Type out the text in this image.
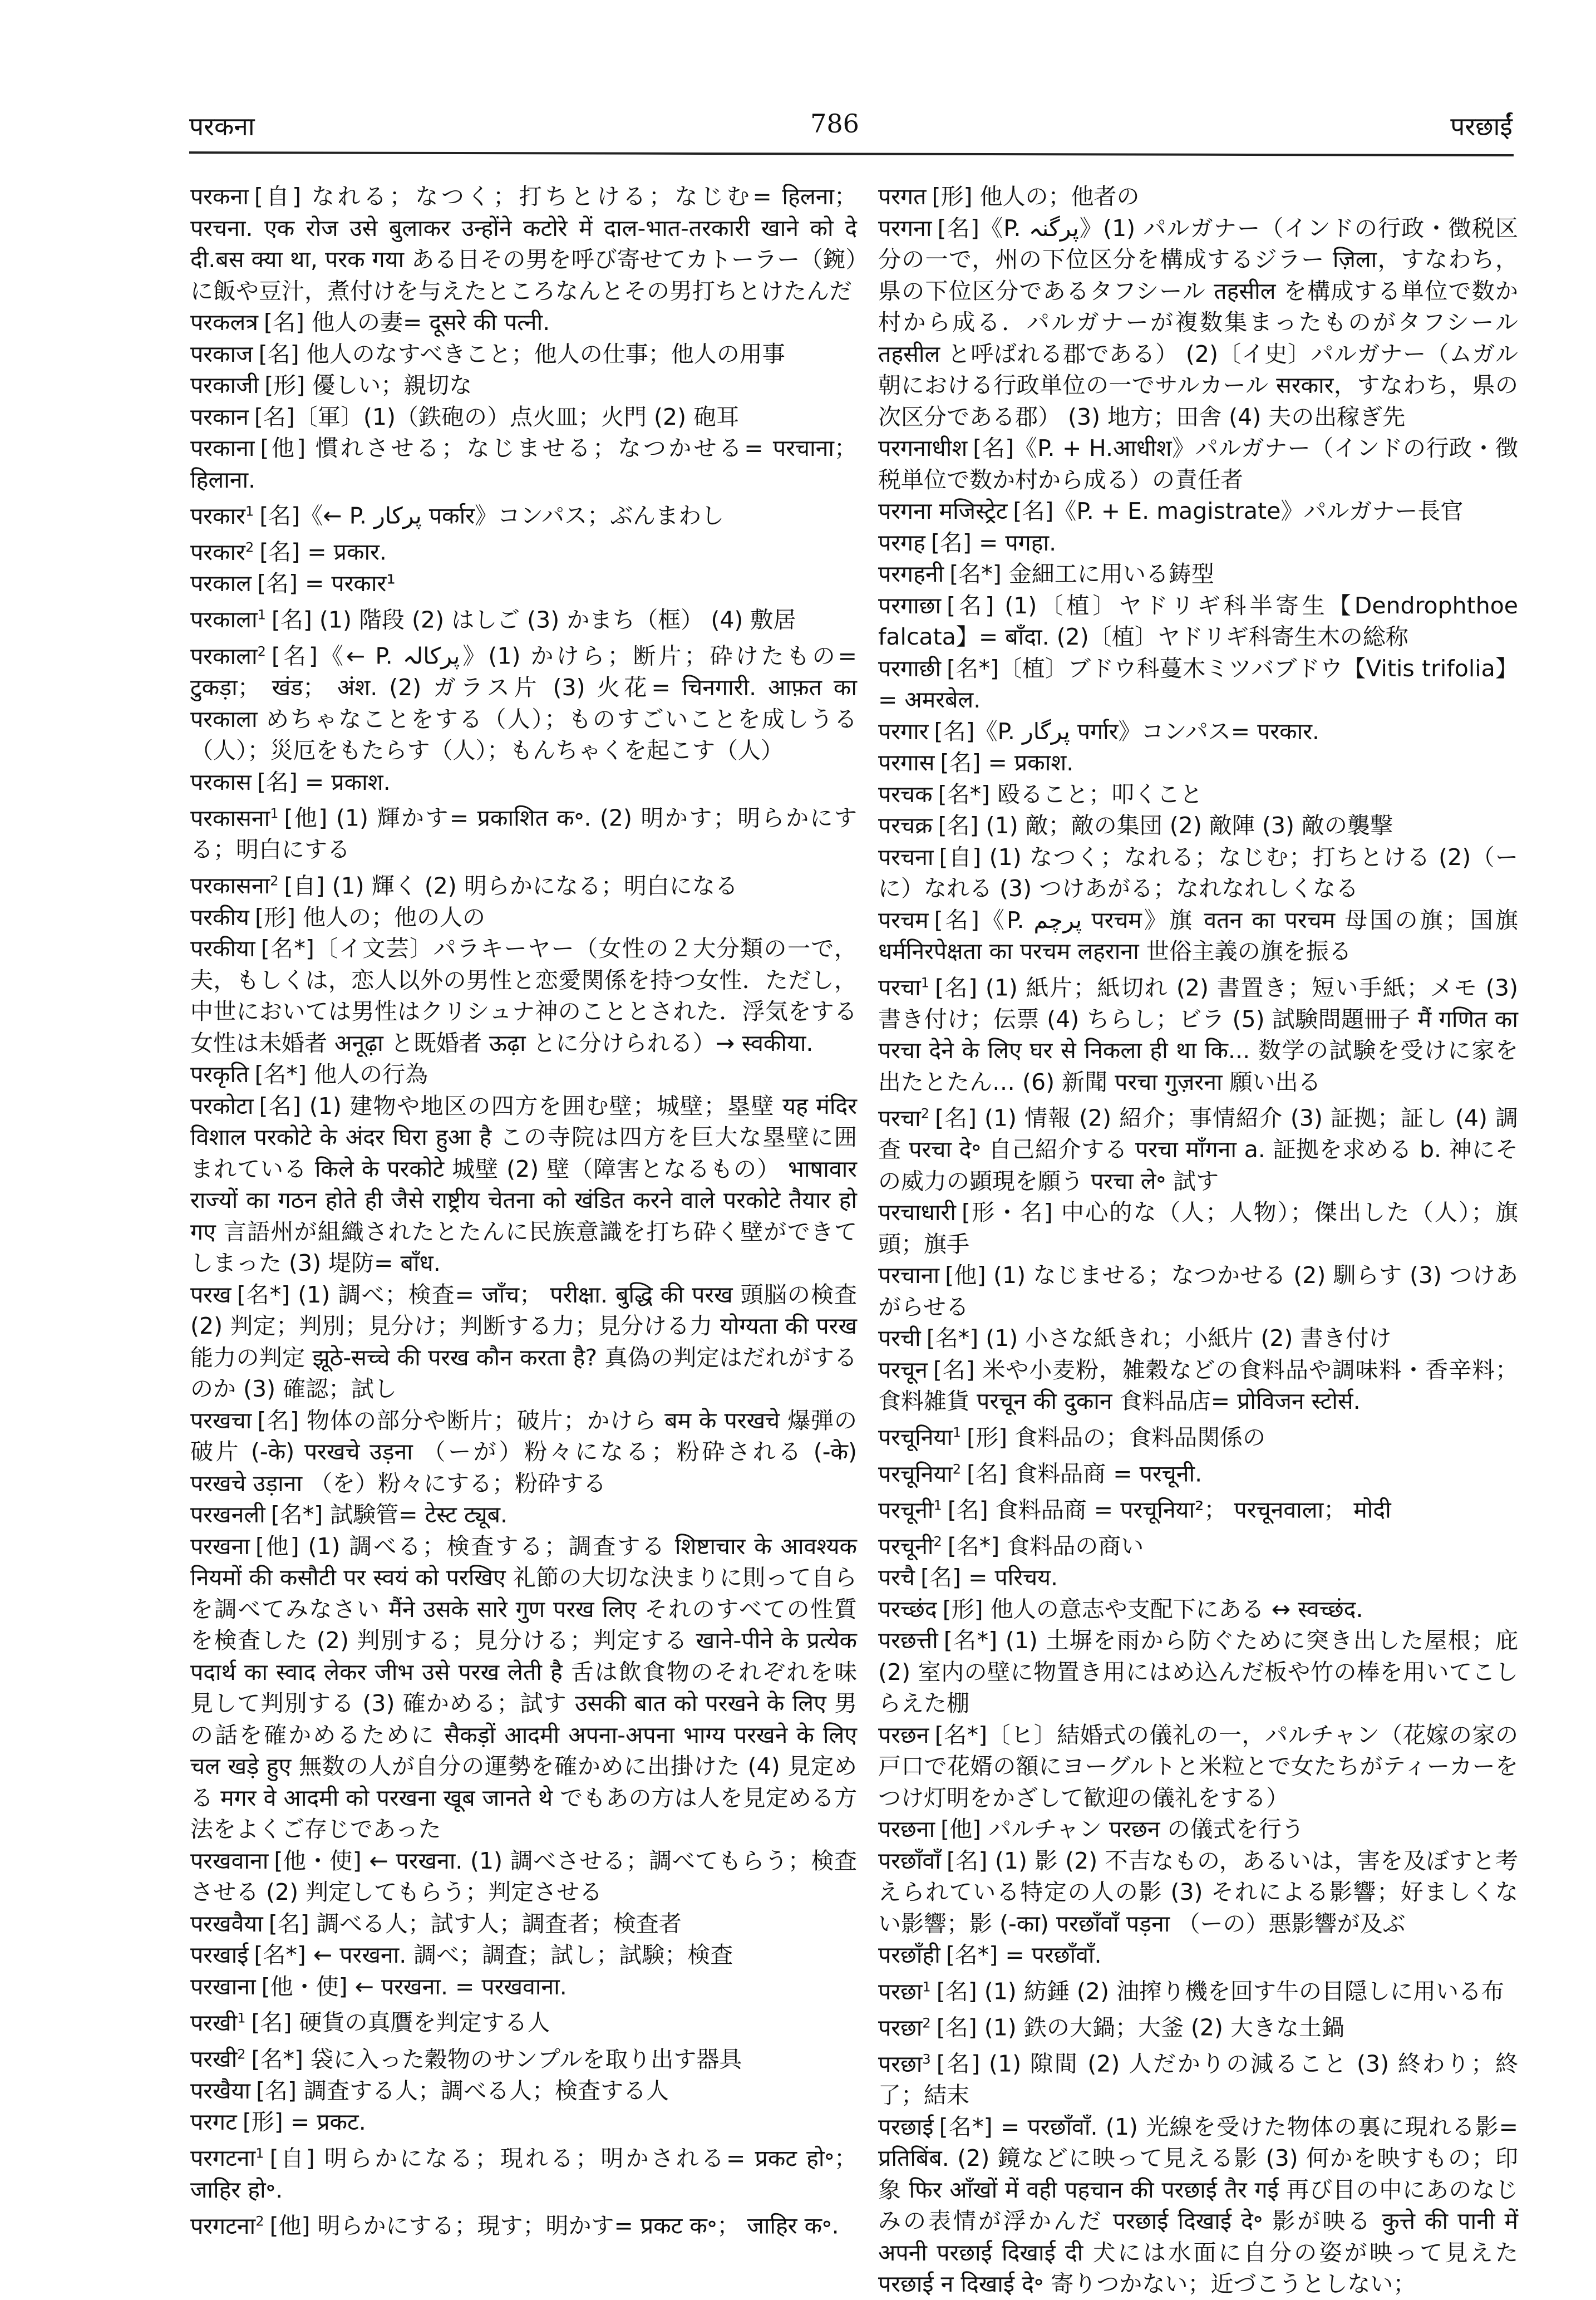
परकना	786	परछाईं

परकना [自] なれる；なつく；打ちとける；なじむ= हिलना； परचना. एक रोज उसे बुलाकर उन्होंने कटोरे में दाल-भात-तरकारी खाने को दे दी.बस क्या था, परक गया ある日その男を呼び寄せてカトーラー（鋺）に飯や豆汁，煮付けを与えたところなんとその男打ちとけたんだ

परकलत्र [名] 他人の妻= दूसरे की पत्नी.

परकाज [名] 他人のなすべきこと；他人の仕事；他人の用事

परकाजी [形] 優しい；親切な

परकान [名]〔軍〕(1)（鉄砲の）点火皿；火門 (2) 砲耳

परकाना [他] 慣れさせる；なじませる；なつかせる= परचाना； हिलाना.

परकार$^1$ [名]《← P. پرکار पर्कार》コンパス；ぶんまわし

परकार$^2$ [名] = प्रकार.

परकाल [名] = परकार¹

परकाला$^1$ [名] (1) 階段 (2) はしご (3) かまち（框） (4) 敷居

परकाला$^2$ [名]《← P. پرکالہ》(1) かけら；断片；砕けたもの= टुकड़ा； खंड； अंश. (2) ガラス片 (3) 火花= चिनगारी. आफ़त का परकाला めちゃなことをする（人）；ものすごいことを成しうる（人）；災厄をもたらす（人）；もんちゃくを起こす（人）

परकास [名] = प्रकाश.

परकासना$^1$ [他] (1) 輝かす= प्रकाशित क॰. (2) 明かす；明らかにする；明白にする

परकासना$^2$ [自] (1) 輝く (2) 明らかになる；明白になる

परकीय [形] 他人の；他の人の

परकीया [名*]〔イ文芸〕パラキーヤー（女性の２大分類の一で，夫，もしくは，恋人以外の男性と恋愛関係を持つ女性．ただし，中世においては男性はクリシュナ神のこととされた．浮気をする女性は未婚者 अनूढ़ा と既婚者 ऊढ़ा とに分けられる）→ स्वकीया.

परकृति [名*] 他人の行為

परकोटा [名] (1) 建物や地区の四方を囲む壁；城壁；塁壁 यह मंदिर विशाल परकोटे के अंदर घिरा हुआ है この寺院は四方を巨大な塁壁に囲まれている किले के परकोटे 城壁 (2) 壁（障害となるもの） भाषावार राज्यों का गठन होते ही जैसे राष्ट्रीय चेतना को खंडित करने वाले परकोटे तैयार हो गए 言語州が組織されたとたんに民族意識を打ち砕く壁ができてしまった (3) 堤防= बाँध.

परख [名*] (1) 調べ；検査= जाँच； परीक्षा. बुद्धि की परख 頭脳の検査 (2) 判定；判別；見分け；判断する力；見分ける力 योग्यता की परख 能力の判定 झूठे-सच्चे की परख कौन करता है? 真偽の判定はだれがするのか (3) 確認；試し

परखचा [名] 物体の部分や断片；破片；かけら बम के परखचे 爆弾の破片 (-के) परखचे उड़ना （ーが）粉々になる；粉砕される (-के) परखचे उड़ाना （を）粉々にする；粉砕する

परखनली [名*] 試験管= टेस्ट ट्यूब.

परखना [他] (1) 調べる；検査する；調査する शिष्टाचार के आवश्यक नियमों की कसौटी पर स्वयं को परखिए 礼節の大切な決まりに則って自らを調べてみなさい मैंने उसके सारे गुण परख लिए それのすべての性質を検査した (2) 判別する；見分ける；判定する खाने-पीने के प्रत्येक पदार्थ का स्वाद लेकर जीभ उसे परख लेती है 舌は飲食物のそれぞれを味見して判別する (3) 確かめる；試す उसकी बात को परखने के लिए 男の話を確かめるために सैकड़ों आदमी अपना-अपना भाग्य परखने के लिए चल खड़े हुए 無数の人が自分の運勢を確かめに出掛けた (4) 見定める मगर वे आदमी को परखना खूब जानते थे でもあの方は人を見定める方法をよくご存じであった

परखवाना [他・使] ← परखना. (1) 調べさせる；調べてもらう；検査させる (2) 判定してもらう；判定させる

परखवैया [名] 調べる人；試す人；調査者；検査者

परखाई [名*] ← परखना. 調べ；調査；試し；試験；検査

परखाना [他・使] ← परखना. = परखवाना.

परखी$^1$ [名] 硬貨の真贋を判定する人

परखी$^2$ [名*] 袋に入った穀物のサンプルを取り出す器具

परखैया [名] 調査する人；調べる人；検査する人

परगट [形] = प्रकट.

परगटना$^1$ [自] 明らかになる；現れる；明かされる= प्रकट हो॰； जाहिर हो॰.

परगटना$^2$ [他] 明らかにする；現す；明かす= प्रकट क॰； जाहिर क॰.

परगत [形] 他人の；他者の

परगना [名]《P. پرگنہ》(1) パルガナー（インドの行政・徴税区分の一で，州の下位区分を構成するジラー ज़िला，すなわち，県の下位区分であるタフシール तहसील を構成する単位で数か村から成る．パルガナーが複数集まったものがタフシール तहसील と呼ばれる郡である） (2)〔イ史〕パルガナー（ムガル朝における行政単位の一でサルカール सरकार，すなわち，県の次区分である郡） (3) 地方；田舎 (4) 夫の出稼ぎ先

परगनाधीश [名]《P. + H.आधीश》パルガナー（インドの行政・徴税単位で数か村から成る）の責任者

परगना मजिस्ट्रेट [名]《P. + E. magistrate》パルガナー長官

परगह [名] = पगहा.

परगहनी [名*] 金細工に用いる鋳型

परगाछा [名] (1)〔植〕ヤドリギ科半寄生【Dendrophthoe falcata】= बाँदा. (2)〔植〕ヤドリギ科寄生木の総称

परगाछी [名*]〔植〕ブドウ科蔓木ミツバブドウ【Vitis trifolia】= अमरबेल.

परगार [名]《P. پرگار पर्गार》コンパス= परकार.

परगास [名] = प्रकाश.

परचक [名*] 殴ること；叩くこと

परचक्र [名] (1) 敵；敵の集団 (2) 敵陣 (3) 敵の襲撃

परचना [自] (1) なつく；なれる；なじむ；打ちとける (2)（ーに）なれる (3) つけあがる；なれなれしくなる

परचम [名]《P. پرچم परचम》旗 वतन का परचम 母国の旗；国旗 धर्मनिरपेक्षता का परचम लहराना 世俗主義の旗を振る

परचा$^1$ [名] (1) 紙片；紙切れ (2) 書置き；短い手紙；メモ (3) 書き付け；伝票 (4) ちらし；ビラ (5) 試験問題冊子 मैं गणित का परचा देने के लिए घर से निकला ही था कि... 数学の試験を受けに家を出たとたん… (6) 新聞 परचा गुज़रना 願い出る

परचा$^2$ [名] (1) 情報 (2) 紹介；事情紹介 (3) 証拠；証し (4) 調査 परचा दे॰ 自己紹介する परचा माँगना a. 証拠を求める b. 神にその威力の顕現を願う परचा ले॰ 試す

परचाधारी [形・名] 中心的な（人；人物）；傑出した（人）；旗頭；旗手

परचाना [他] (1) なじませる；なつかせる (2) 馴らす (3) つけあがらせる

परची [名*] (1) 小さな紙きれ；小紙片 (2) 書き付け

परचून [名] 米や小麦粉，雑穀などの食料品や調味料・香辛料；食料雑貨 परचून की दुकान 食料品店= प्रोविजन स्टोर्स.

परचूनिया$^1$ [形] 食料品の；食料品関係の

परचूनिया$^2$ [名] 食料品商 = परचूनी.

परचूनी$^1$ [名] 食料品商 = परचूनिया²； परचूनवाला； मोदी

परचूनी$^2$ [名*] 食料品の商い

परचै [名] = परिचय.

परच्छंद [形] 他人の意志や支配下にある ↔ स्वच्छंद.

परछत्ती [名*] (1) 土塀を雨から防ぐために突き出した屋根；庇 (2) 室内の壁に物置き用にはめ込んだ板や竹の棒を用いてこしらえた棚

परछन [名*]〔ヒ〕結婚式の儀礼の一，パルチャン（花嫁の家の戸口で花婿の額にヨーグルトと米粒とで女たちがティーカーをつけ灯明をかざして歓迎の儀礼をする）

परछना [他] パルチャン परछन の儀式を行う

परछाँवाँ [名] (1) 影 (2) 不吉なもの，あるいは，害を及ぼすと考えられている特定の人の影 (3) それによる影響；好ましくない影響；影 (-का) परछाँवाँ पड़ना （ーの）悪影響が及ぶ

परछाँही [名*] = परछाँवाँ.

परछा$^1$ [名] (1) 紡錘 (2) 油搾り機を回す牛の目隠しに用いる布

परछा$^2$ [名] (1) 鉄の大鍋；大釜 (2) 大きな土鍋

परछा$^3$ [名] (1) 隙間 (2) 人だかりの減ること (3) 終わり；終了；結末

परछाई [名*] = परछाँवाँ. (1) 光線を受けた物体の裏に現れる影= प्रतिबिंब. (2) 鏡などに映って見える影 (3) 何かを映すもの；印象 फिर आँखों में वही पहचान की परछाई तैर गई 再び目の中にあのなじみの表情が浮かんだ परछाई दिखाई दे॰ 影が映る कुत्ते की पानी में अपनी परछाई दिखाई दी 犬には水面に自分の姿が映って見えた परछाई न दिखाई दे॰ 寄りつかない；近づこうとしない；
